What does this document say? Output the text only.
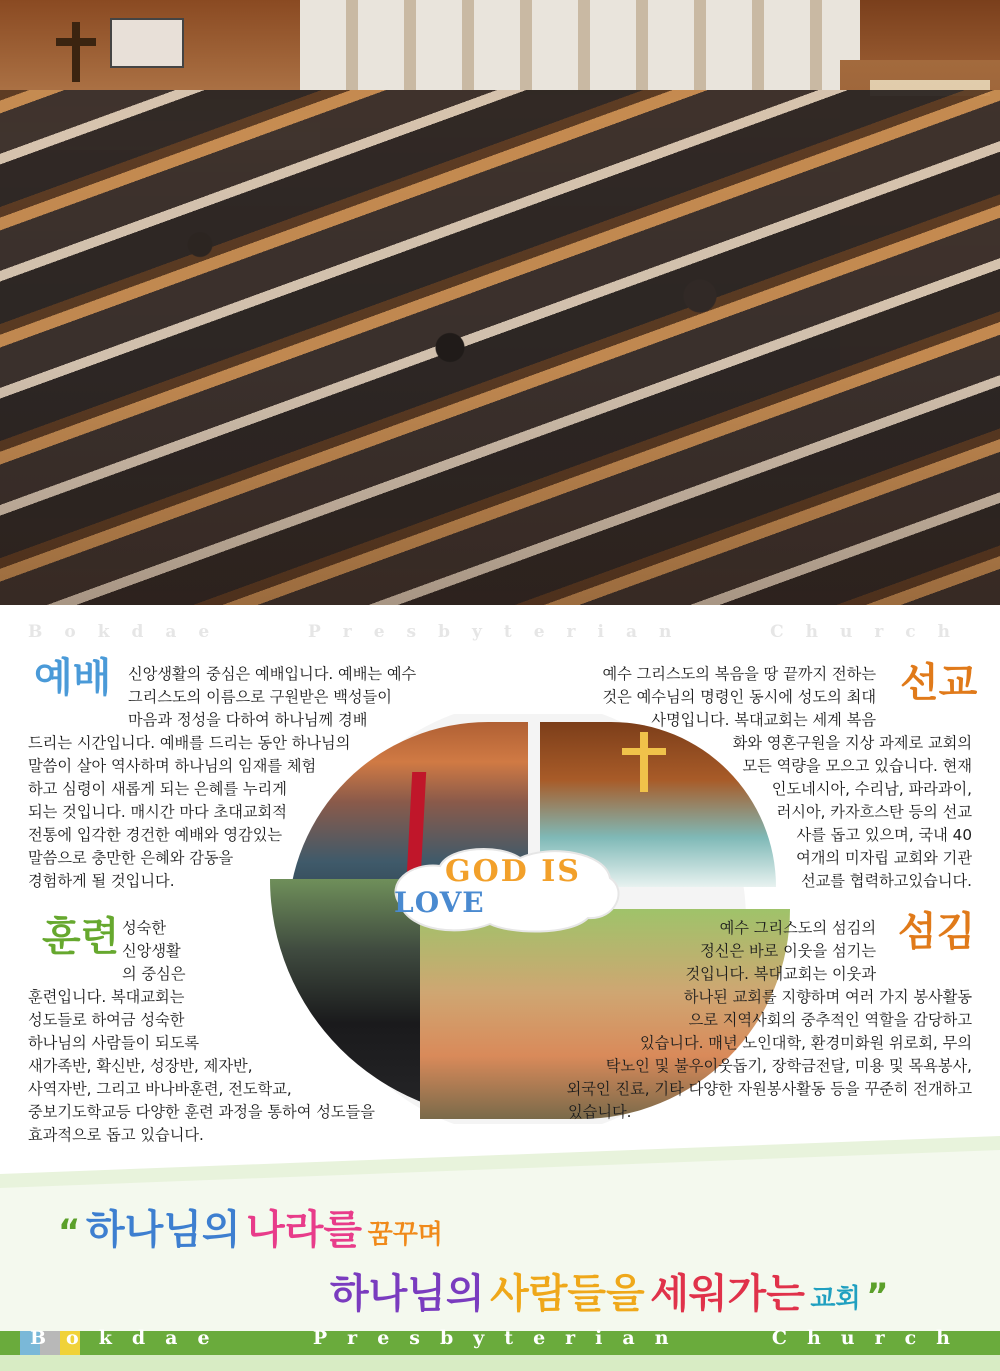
Bokdae	Presbyterian	Church
GOD IS
LOVE
예배	선교
훈련	섬김
신앙생활의 중심은 예배입니다. 예배는 예수
그리스도의 이름으로 구원받은 백성들이
마음과 정성을 다하여 하나님께 경배
드리는 시간입니다. 예배를 드리는 동안 하나님의
말씀이 살아 역사하며 하나님의 임재를 체험
하고 심령이 새롭게 되는 은혜를 누리게
되는 것입니다. 매시간 마다 초대교회적
전통에 입각한 경건한 예배와 영감있는
말씀으로 충만한 은혜와 감동을
경험하게 될 것입니다.
예수 그리스도의 복음을 땅 끝까지 전하는
것은 예수님의 명령인 동시에 성도의 최대
사명입니다. 복대교회는 세계 복음
화와 영혼구원을 지상 과제로 교회의
모든 역량을 모으고 있습니다. 현재
인도네시아, 수리남, 파라과이,
러시아, 카자흐스탄 등의 선교
사를 돕고 있으며, 국내 40
여개의 미자립 교회와 기관
선교를 협력하고있습니다.
성숙한
신앙생활
의 중심은
훈련입니다. 복대교회는
성도들로 하여금 성숙한
하나님의 사람들이 되도록
새가족반, 확신반, 성장반, 제자반,
사역자반, 그리고 바나바훈련, 전도학교,
중보기도학교등 다양한 훈련 과정을 통하여 성도들을
효과적으로 돕고 있습니다.
예수 그리스도의 섬김의
정신은 바로 이웃을 섬기는
것입니다. 복대교회는 이웃과
하나된 교회를 지향하며 여러 가지 봉사활동
으로 지역사회의 중추적인 역할을 감당하고
있습니다. 매년 노인대학, 환경미화원 위로회, 무의
탁노인 및 불우이웃돕기, 장학금전달, 미용 및 목욕봉사,
외국인 진료, 기타 다양한 자원봉사활동 등을 꾸준히 전개하고
있습니다.
“ 하나님의 나라를 꿈꾸며
하나님의 사람들을 세워가는 교회 ”
Bokdae	Presbyterian	Church
